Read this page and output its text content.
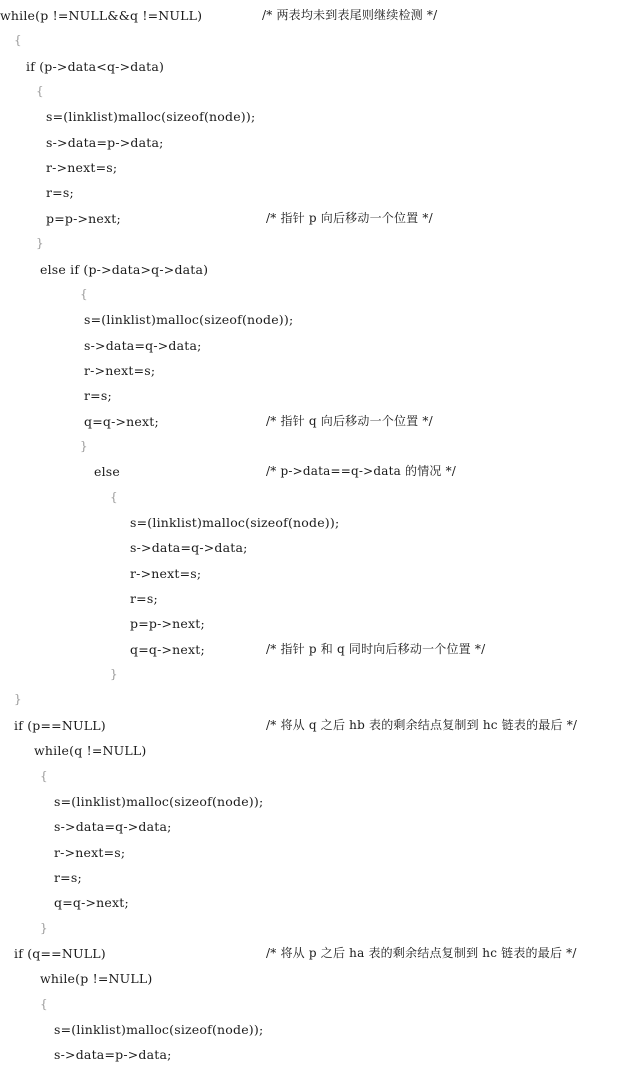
while(p !=NULL&&q !=NULL)	/* 两表均未到表尾则继续检测 */
{
if (p->data<q->data)
{
s=(linklist)malloc(sizeof(node));
s->data=p->data;
r->next=s;
r=s;
p=p->next;	/* 指针 p 向后移动一个位置 */
}
else if (p->data>q->data)
{
s=(linklist)malloc(sizeof(node));
s->data=q->data;
r->next=s;
r=s;
q=q->next;	/* 指针 q 向后移动一个位置 */
}
else	/* p->data==q->data 的情况 */
{
s=(linklist)malloc(sizeof(node));
s->data=q->data;
r->next=s;
r=s;
p=p->next;
q=q->next;	/* 指针 p 和 q 同时向后移动一个位置 */
}
}
if (p==NULL)	/* 将从 q 之后 hb 表的剩余结点复制到 hc 链表的最后 */
while(q !=NULL)
{
s=(linklist)malloc(sizeof(node));
s->data=q->data;
r->next=s;
r=s;
q=q->next;
}
if (q==NULL)	/* 将从 p 之后 ha 表的剩余结点复制到 hc 链表的最后 */
while(p !=NULL)
{
s=(linklist)malloc(sizeof(node));
s->data=p->data;
